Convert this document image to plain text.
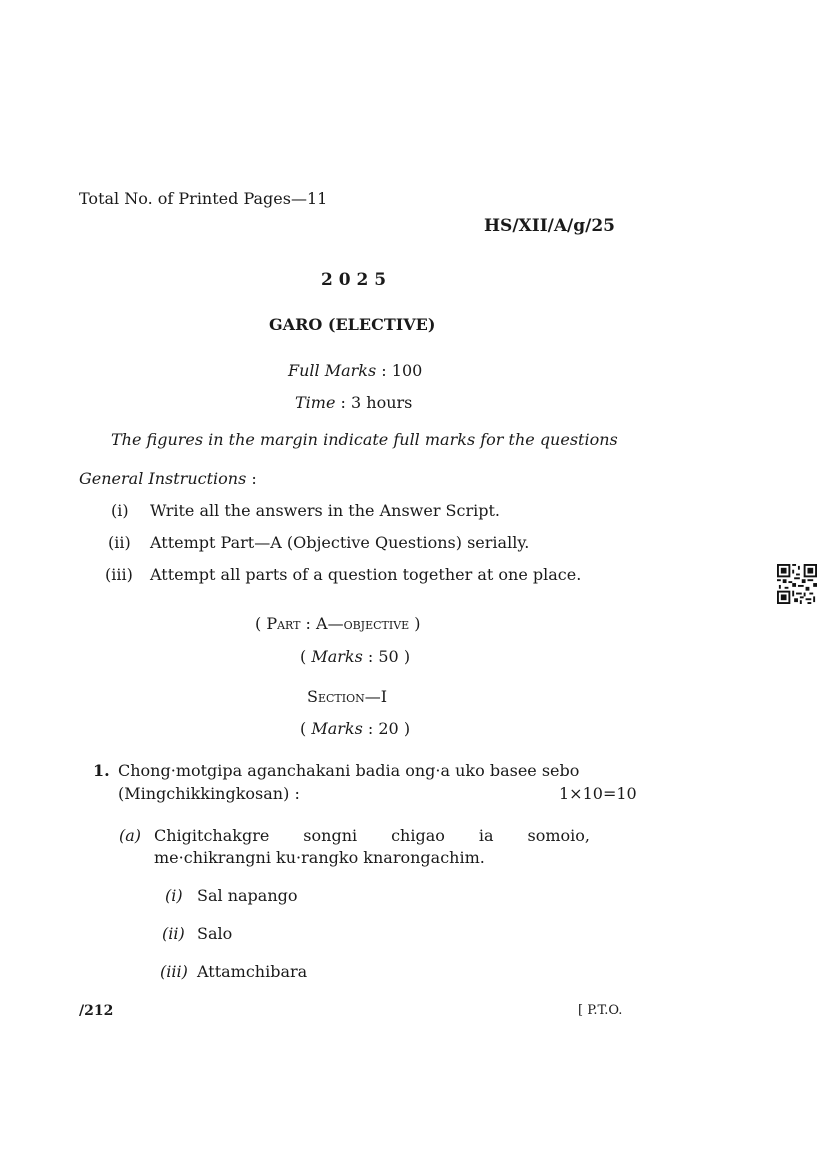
Total No. of Printed Pages—11
HS/XII/A/g/25
2 0 2 5
GARO (ELECTIVE)
Full Marks : 100
Time : 3 hours
The figures in the margin indicate full marks for the questions
General Instructions :
(i) Write all the answers in the Answer Script.
(ii) Attempt Part—A (Objective Questions) serially.
(iii) Attempt all parts of a question together at one place.
( Part : A—objective )
( Marks : 50 )
Section—I
( Marks : 20 )
1. Chong·motgipa aganchakani badia ong·a uko basee sebo
(Mingchikkingkosan) :	1×10=10
(a) Chigitchakgre songni chigao ia somoio,
me·chikrangni ku·rangko knarongachim.
(i) Sal napango
(ii) Salo
(iii) Attamchibara
/212	[ P.T.O.
